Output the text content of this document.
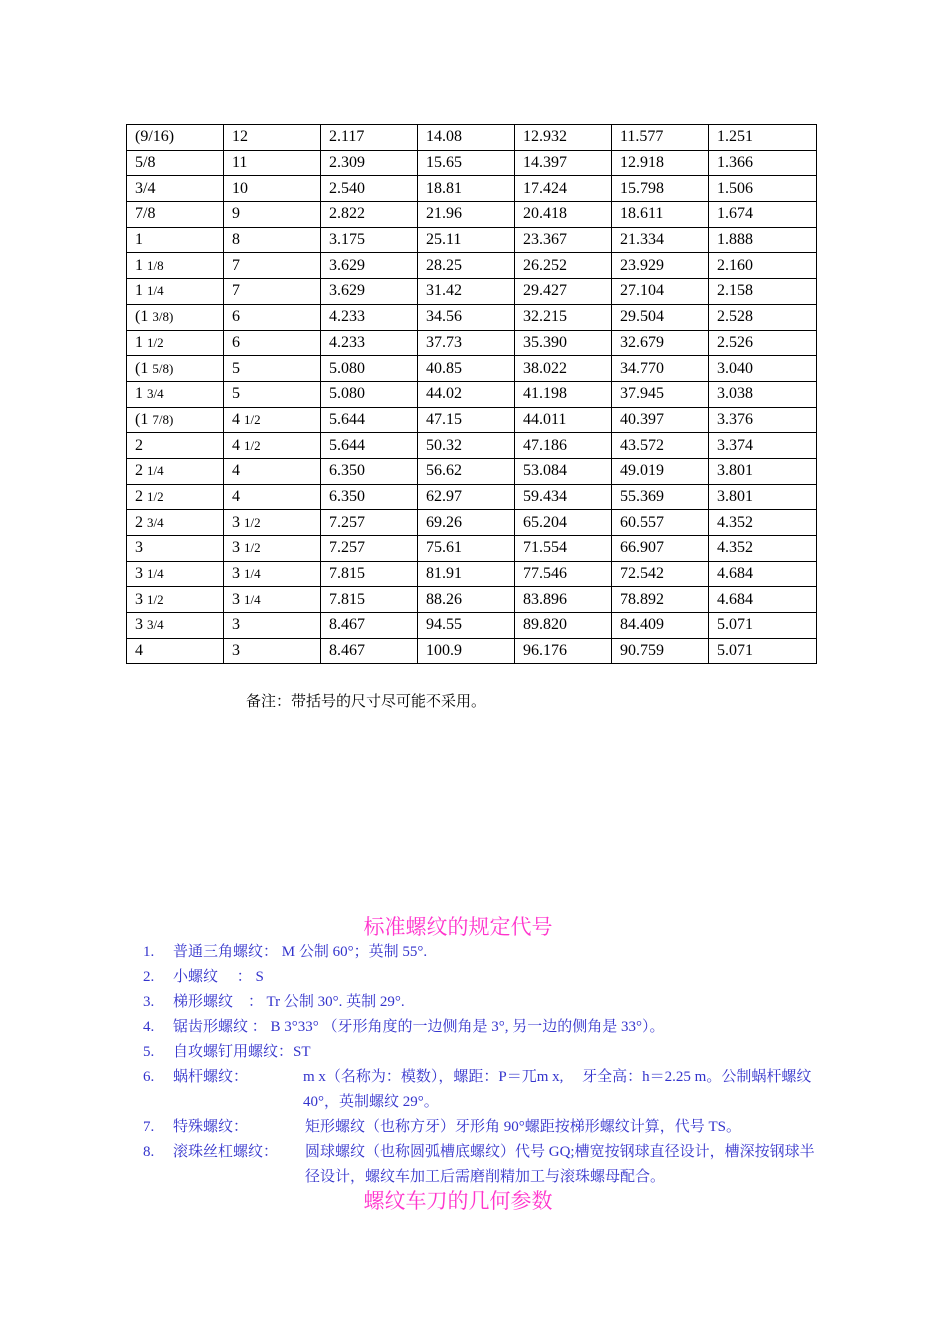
(9/16)	12	2.117	14.08	12.932	11.577	1.251
5/8	11	2.309	15.65	14.397	12.918	1.366
3/4	10	2.540	18.81	17.424	15.798	1.506
7/8	9	2.822	21.96	20.418	18.611	1.674
1	8	3.175	25.11	23.367	21.334	1.888
1 1/8	7	3.629	28.25	26.252	23.929	2.160
1 1/4	7	3.629	31.42	29.427	27.104	2.158
(1 3/8)	6	4.233	34.56	32.215	29.504	2.528
1 1/2	6	4.233	37.73	35.390	32.679	2.526
(1 5/8)	5	5.080	40.85	38.022	34.770	3.040
1 3/4	5	5.080	44.02	41.198	37.945	3.038
(1 7/8)	4 1/2	5.644	47.15	44.011	40.397	3.376
2	4 1/2	5.644	50.32	47.186	43.572	3.374
2 1/4	4	6.350	56.62	53.084	49.019	3.801
2 1/2	4	6.350	62.97	59.434	55.369	3.801
2 3/4	3 1/2	7.257	69.26	65.204	60.557	4.352
3	3 1/2	7.257	75.61	71.554	66.907	4.352
3 1/4	3 1/4	7.815	81.91	77.546	72.542	4.684
3 1/2	3 1/4	7.815	88.26	83.896	78.892	4.684
3 3/4	3	8.467	94.55	89.820	84.409	5.071
4	3	8.467	100.9	96.176	90.759	5.071
备注：带括号的尺寸尽可能不采用。
标准螺纹的规定代号
1. 普通三角螺纹： M 公制 60°；英制 55°.
2. 小螺纹　 ： S
3. 梯形螺纹　： Tr 公制 30°. 英制 29°.
4. 锯齿形螺纹 ： B 3°33° （牙形角度的一边侧角是 3°, 另一边的侧角是 33°）。
5. 自攻螺钉用螺纹：ST
6. 蜗杆螺纹：	m x（名称为：模数），螺距：P＝兀m x,　 牙全高：h＝2.25 m。公制蜗杆螺纹 40°，英制螺纹 29°。
7. 特殊螺纹：	矩形螺纹（也称方牙）牙形角 90°螺距按梯形螺纹计算，代号 TS。
8. 滚珠丝杠螺纹：	圆球螺纹（也称圆弧槽底螺纹）代号 GQ;槽宽按钢球直径设计，槽深按钢球半径设计，螺纹车加工后需磨削精加工与滚珠螺母配合。
螺纹车刀的几何参数
